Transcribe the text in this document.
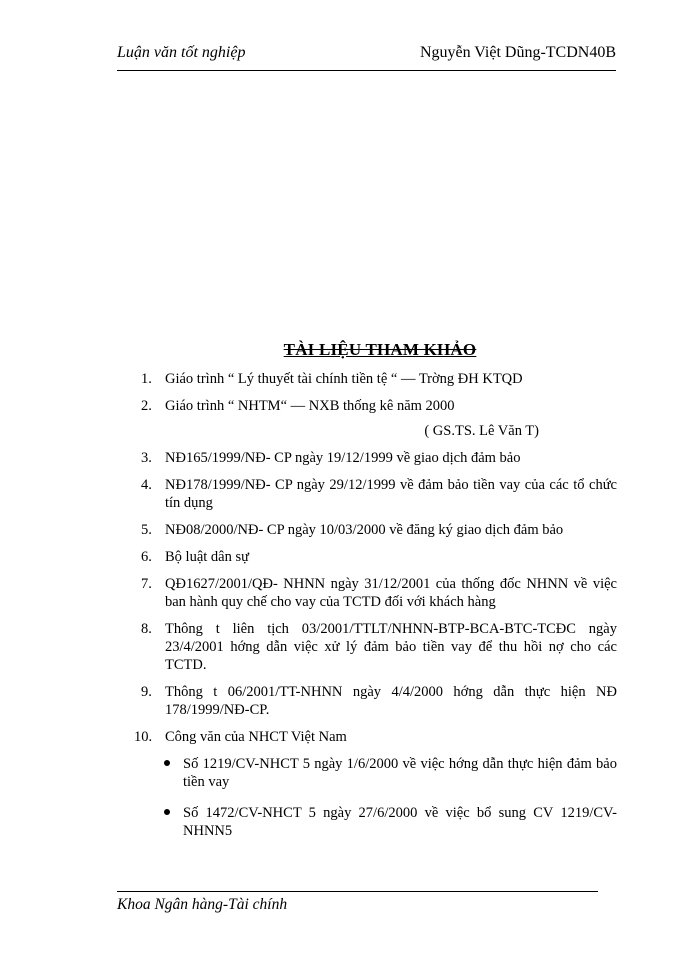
Luận văn tốt nghiệp	Nguyễn Việt Dũng-TCDN40B
TÀI LIỆU THAM KHẢO
1. Giáo trình “ Lý thuyết tài chính tiền tệ “ — Trờng ĐH KTQD
2. Giáo trình “ NHTM“ — NXB thống kê năm 2000
( GS.TS. Lê Văn T)
3. NĐ165/1999/NĐ- CP ngày 19/12/1999 về giao dịch đảm bảo
4. NĐ178/1999/NĐ- CP ngày 29/12/1999 về đảm bảo tiền vay của các tổ chức tín dụng
5. NĐ08/2000/NĐ- CP ngày 10/03/2000 về đăng ký giao dịch đảm bảo
6. Bộ luật dân sự
7. QĐ1627/2001/QĐ- NHNN ngày 31/12/2001 của thống đốc NHNN về việc ban hành quy chế cho vay của TCTD đối với khách hàng
8. Thông t liên tịch 03/2001/TTLT/NHNN-BTP-BCA-BTC-TCĐC ngày 23/4/2001 hớng dẫn việc xử lý đảm bảo tiền vay để thu hồi nợ cho các TCTD.
9. Thông t 06/2001/TT-NHNN ngày 4/4/2000 hớng dẫn thực hiện NĐ 178/1999/NĐ-CP.
10. Công văn của NHCT Việt Nam
Số 1219/CV-NHCT 5 ngày 1/6/2000 về việc hớng dẫn thực hiện đảm bảo tiền vay
Số 1472/CV-NHCT 5 ngày 27/6/2000 về việc bổ sung CV 1219/CV-NHNN5
Khoa Ngân hàng-Tài chính
